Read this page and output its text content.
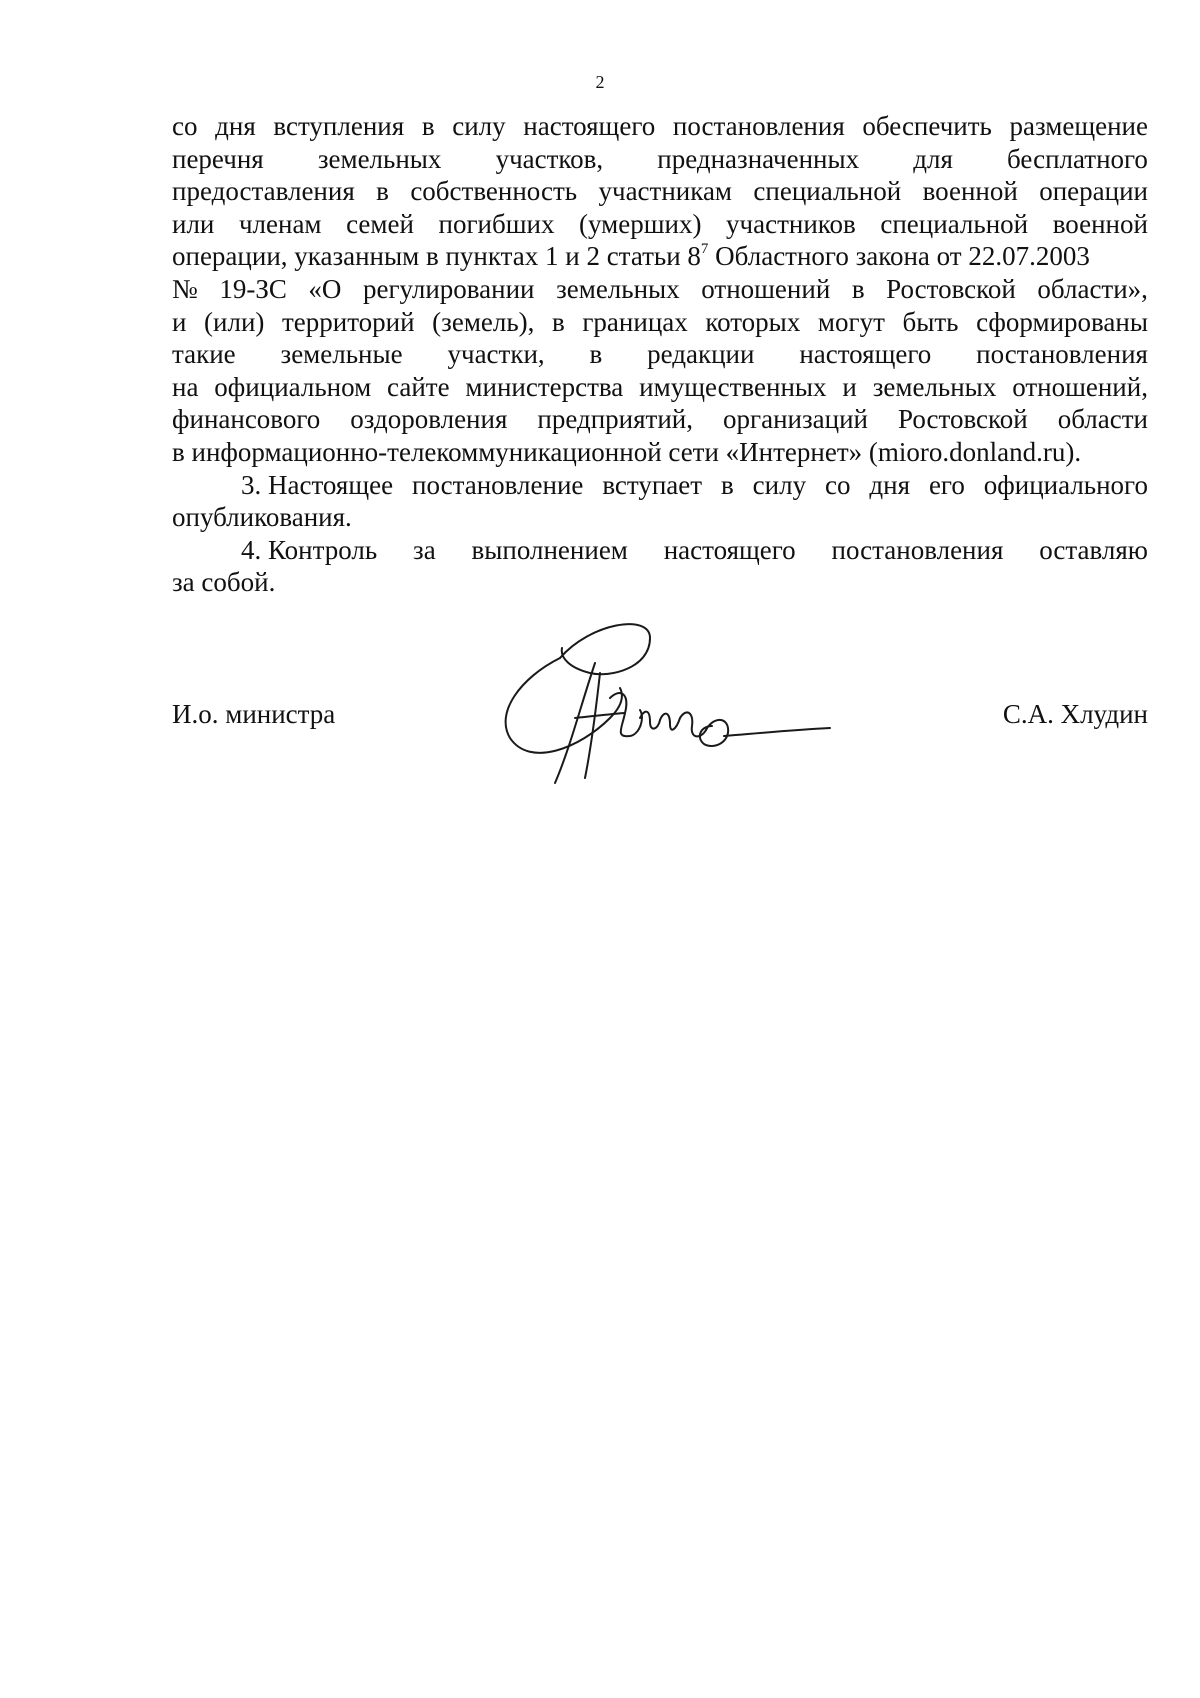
2

со дня вступления в силу настоящего постановления обеспечить размещение
перечня земельных участков, предназначенных для бесплатного
предоставления в собственность участникам специальной военной операции
или членам семей погибших (умерших) участников специальной военной
операции, указанным в пунктах 1 и 2 статьи $8^7$ Областного закона от 22.07.2003
№ 19-ЗС «О регулировании земельных отношений в Ростовской области»,
и (или) территорий (земель), в границах которых могут быть сформированы
такие земельные участки, в редакции настоящего постановления
на официальном сайте министерства имущественных и земельных отношений,
финансового оздоровления предприятий, организаций Ростовской области
в информационно-телекоммуникационной сети «Интернет» (mioro.donland.ru).

3. Настоящее постановление вступает в силу со дня его официального
опубликования.

4. Контроль за выполнением настоящего постановления оставляю
за собой.

И.о. министра	С.А. Хлудин
